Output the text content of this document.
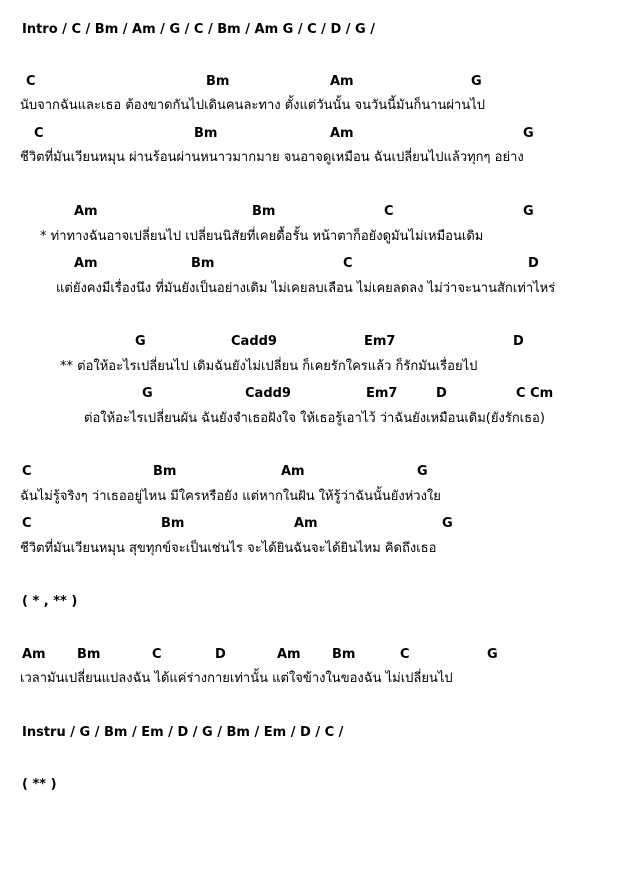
Intro / C / Bm / Am / G / C / Bm / Am G / C / D / G /
C	Bm	Am	G
นับจากฉันและเธอ ต้องขาดกันไปเดินคนละทาง ตั้งแต่วันนั้น จนวันนี้มันก็นานผ่านไป
C	Bm	Am	G
ชีวิตที่มันเวียนหมุน ผ่านร้อนผ่านหนาวมากมาย จนอาจดูเหมือน ฉันเปลี่ยนไปแล้วทุกๆ อย่าง
Am	Bm	C	G
* ท่าทางฉันอาจเปลี่ยนไป เปลี่ยนนิสัยที่เคยดื้อรั้น หน้าตาก็อยังดูมันไม่เหมือนเดิม
Am	Bm	C	D
แต่ยังคงมีเรื่องนึง ที่มันยังเป็นอย่างเดิม ไม่เคยลบเลือน ไม่เคยลดลง ไม่ว่าจะนานสักเท่าไหร่
G	Cadd9	Em7	D
** ต่อให้อะไรเปลี่ยนไป เดิมฉันยังไม่เปลี่ยน ก็เคยรักใครแล้ว ก็รักมันเรื่อยไป
G	Cadd9	Em7	D	C Cm
ต่อให้อะไรเปลี่ยนผัน ฉันยังจำเธอฝังใจ ให้เธอรู้เอาไว้ ว่าฉันยังเหมือนเดิม(ยังรักเธอ)
C	Bm	Am	G
ฉันไม่รู้จริงๆ ว่าเธออยู่ไหน มีใครหรือยัง แต่หากในฝัน ให้รู้ว่าฉันนั้นยังห่วงใย
C	Bm	Am	G
ชีวิตที่มันเวียนหมุน สุขทุกข์จะเป็นเช่นไร จะได้ยินฉันจะได้ยินไหม คิดถึงเธอ
( * , ** )
Am Bm	C	D	Am Bm	C	G
เวลามันเปลี่ยนแปลงฉัน ได้แค่ร่างกายเท่านั้น แต่ใจข้างในของฉัน ไม่เปลี่ยนไป
Instru / G / Bm / Em / D / G / Bm / Em / D / C /
( ** )
